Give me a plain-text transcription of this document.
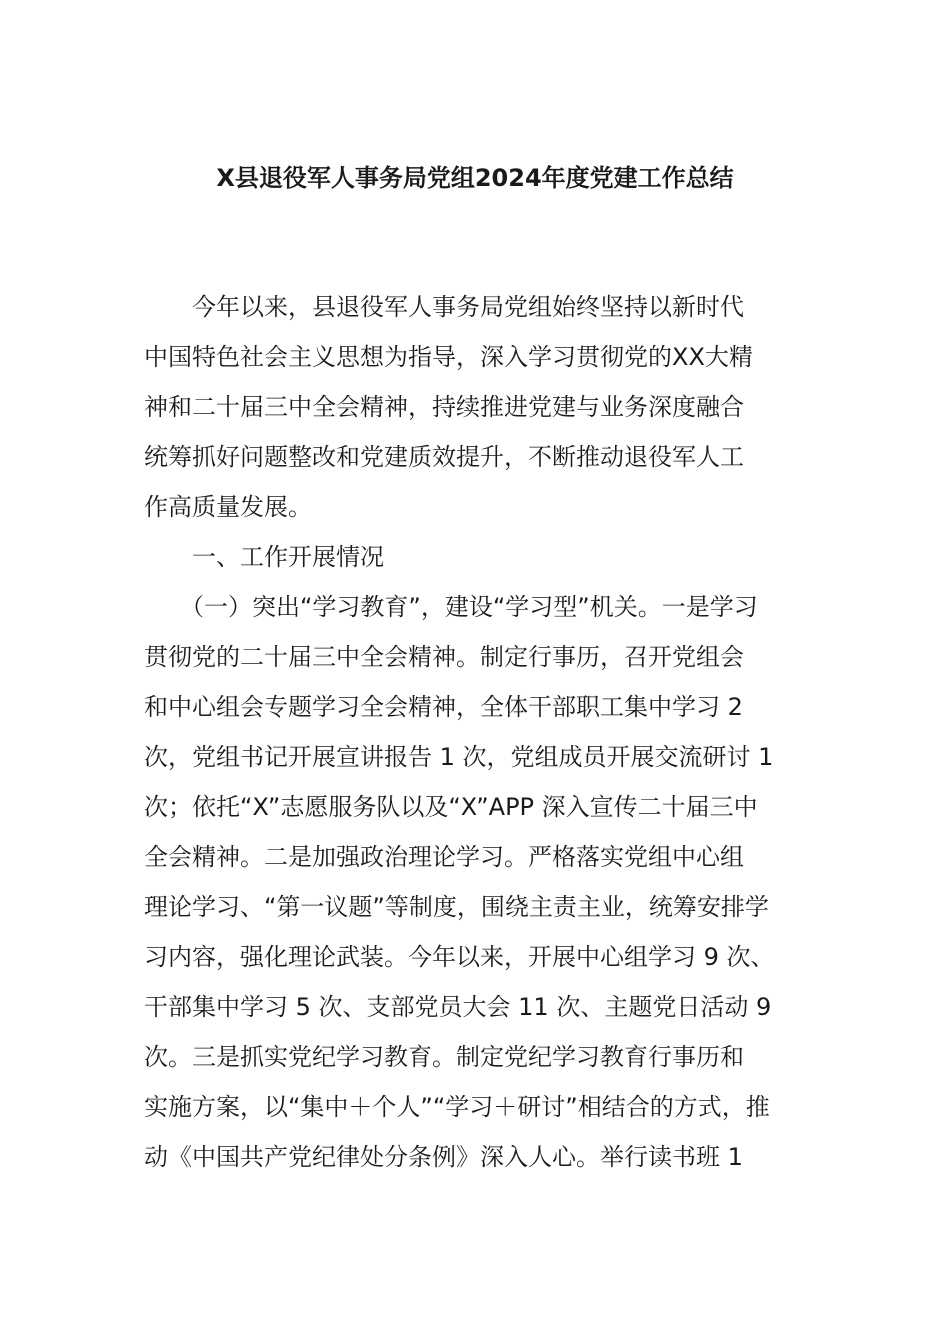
X县退役军人事务局党组2024年度党建工作总结
　　今年以来，县退役军人事务局党组始终坚持以新时代
中国特色社会主义思想为指导，深入学习贯彻党的XX大精
神和二十届三中全会精神，持续推进党建与业务深度融合
统筹抓好问题整改和党建质效提升，不断推动退役军人工
作高质量发展。
　　一、工作开展情况
　　（一）突出“学习教育”，建设“学习型”机关。一是学习
贯彻党的二十届三中全会精神。制定行事历，召开党组会
和中心组会专题学习全会精神，全体干部职工集中学习 2
次，党组书记开展宣讲报告 1 次，党组成员开展交流研讨 1
次；依托“X”志愿服务队以及“X”APP 深入宣传二十届三中
全会精神。二是加强政治理论学习。严格落实党组中心组
理论学习、“第一议题”等制度，围绕主责主业，统筹安排学
习内容，强化理论武装。今年以来，开展中心组学习 9 次、
干部集中学习 5 次、支部党员大会 11 次、主题党日活动 9
次。三是抓实党纪学习教育。制定党纪学习教育行事历和
实施方案，以“集中＋个人”“学习＋研讨”相结合的方式，推
动《中国共产党纪律处分条例》深入人心。举行读书班 1
